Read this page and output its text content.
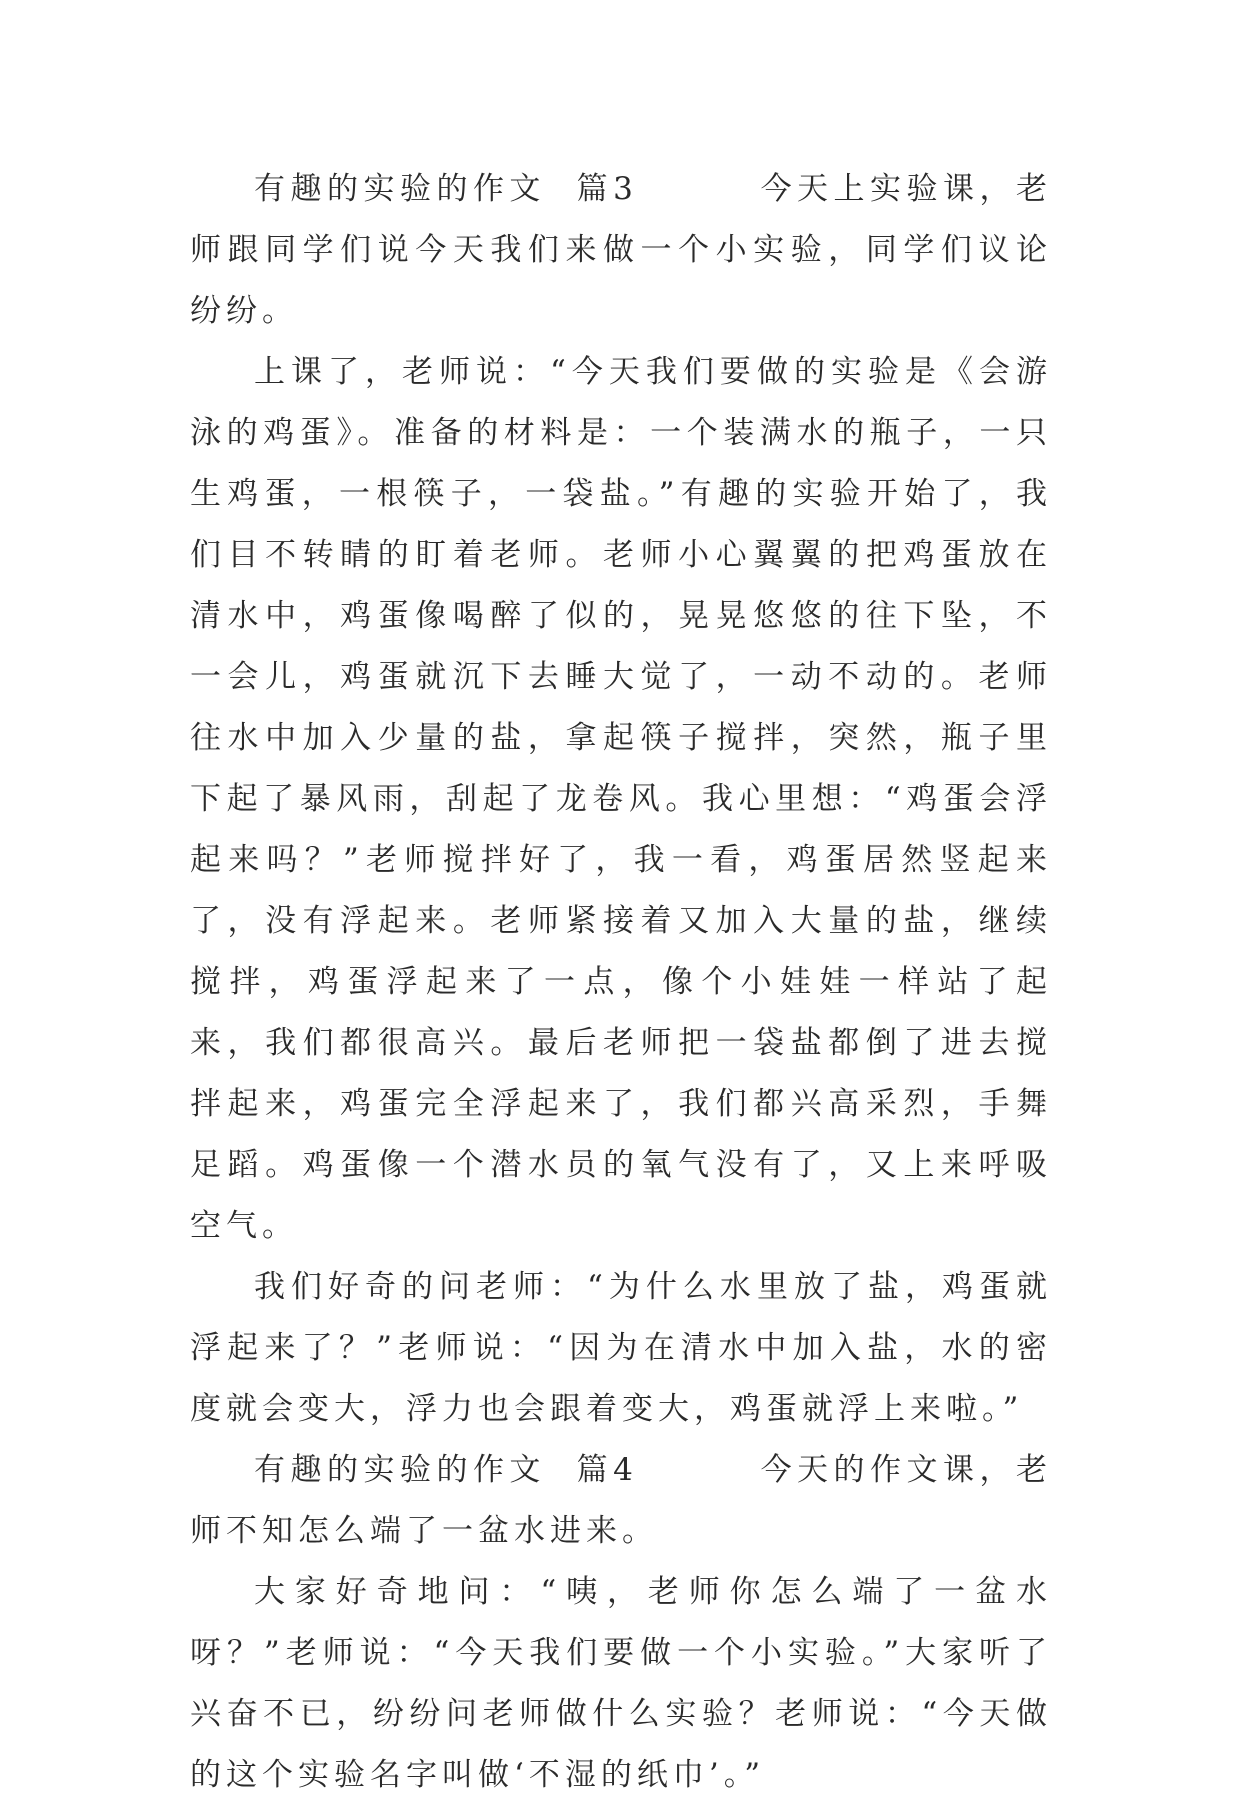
有趣的实验的作文  篇3        今天上实验课，老师跟同学们说今天我们来做一个小实验，同学们议论纷纷。

上课了，老师说：“今天我们要做的实验是《会游泳的鸡蛋》。准备的材料是：一个装满水的瓶子，一只生鸡蛋，一根筷子，一袋盐。”有趣的实验开始了，我们目不转睛的盯着老师。老师小心翼翼的把鸡蛋放在清水中，鸡蛋像喝醉了似的，晃晃悠悠的往下坠，不一会儿，鸡蛋就沉下去睡大觉了，一动不动的。老师往水中加入少量的盐，拿起筷子搅拌，突然，瓶子里下起了暴风雨，刮起了龙卷风。我心里想：“鸡蛋会浮起来吗？”老师搅拌好了，我一看，鸡蛋居然竖起来了，没有浮起来。老师紧接着又加入大量的盐，继续搅拌，鸡蛋浮起来了一点，像个小娃娃一样站了起来，我们都很高兴。最后老师把一袋盐都倒了进去搅拌起来，鸡蛋完全浮起来了，我们都兴高采烈，手舞足蹈。鸡蛋像一个潜水员的氧气没有了，又上来呼吸空气。

我们好奇的问老师：“为什么水里放了盐，鸡蛋就浮起来了？”老师说：“因为在清水中加入盐，水的密度就会变大，浮力也会跟着变大，鸡蛋就浮上来啦。”

有趣的实验的作文  篇4        今天的作文课，老师不知怎么端了一盆水进来。

大家好奇地问：“咦，老师你怎么端了一盆水呀？”老师说：“今天我们要做一个小实验。”大家听了兴奋不已，纷纷问老师做什么实验？老师说：“今天做的这个实验名字叫做‘不湿的纸巾’。”
